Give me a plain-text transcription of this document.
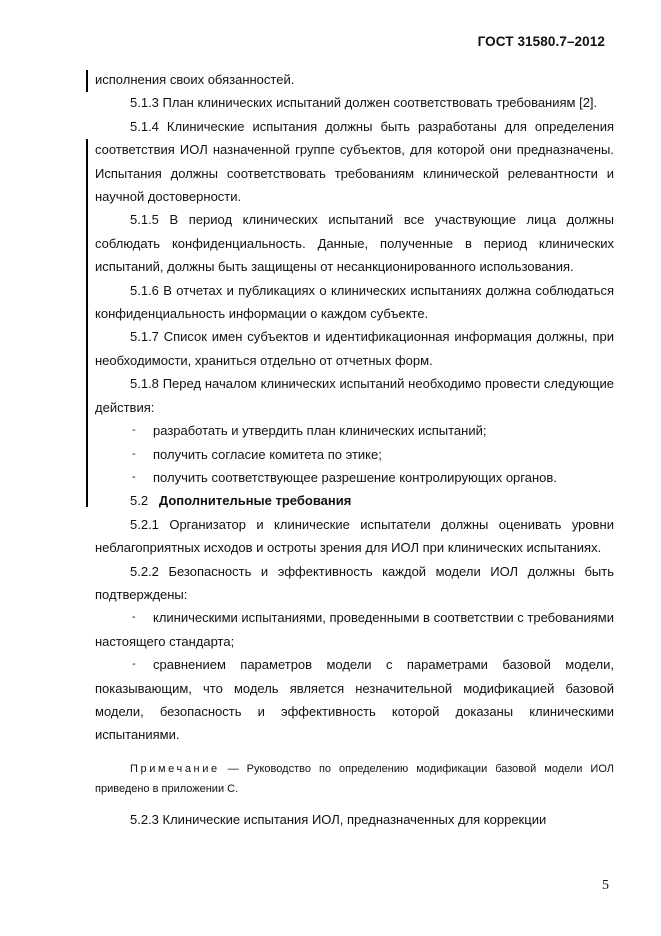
ГОСТ 31580.7–2012
исполнения своих обязанностей.
5.1.3 План клинических испытаний должен соответствовать требованиям [2].
5.1.4 Клинические испытания должны быть разработаны для определения соответствия ИОЛ назначенной группе субъектов, для которой они предназначены. Испытания должны соответствовать требованиям клинической релевантности и научной достоверности.
5.1.5 В период клинических испытаний все участвующие лица должны соблюдать конфиденциальность. Данные, полученные в период клинических испытаний, должны быть защищены от несанкционированного использования.
5.1.6 В отчетах и публикациях о клинических испытаниях должна соблюдаться конфиденциальность информации о каждом субъекте.
5.1.7 Список имен субъектов и идентификационная информация должны, при необходимости, храниться отдельно от отчетных форм.
5.1.8 Перед началом клинических испытаний необходимо провести следующие действия:
- разработать и утвердить план клинических испытаний;
- получить согласие комитета по этике;
- получить соответствующее разрешение контролирующих органов.
5.2 Дополнительные требования
5.2.1 Организатор и клинические испытатели должны оценивать уровни неблагоприятных исходов и остроты зрения для ИОЛ при клинических испытаниях.
5.2.2 Безопасность и эффективность каждой модели ИОЛ должны быть подтверждены:
- клиническими испытаниями, проведенными в соответствии с требованиями настоящего стандарта;
- сравнением параметров модели с параметрами базовой модели, показывающим, что модель является незначительной модификацией базовой модели, безопасность и эффективность которой доказаны клиническими испытаниями.
Примечание — Руководство по определению модификации базовой модели ИОЛ приведено в приложении С.
5.2.3 Клинические испытания ИОЛ, предназначенных для коррекции
5
